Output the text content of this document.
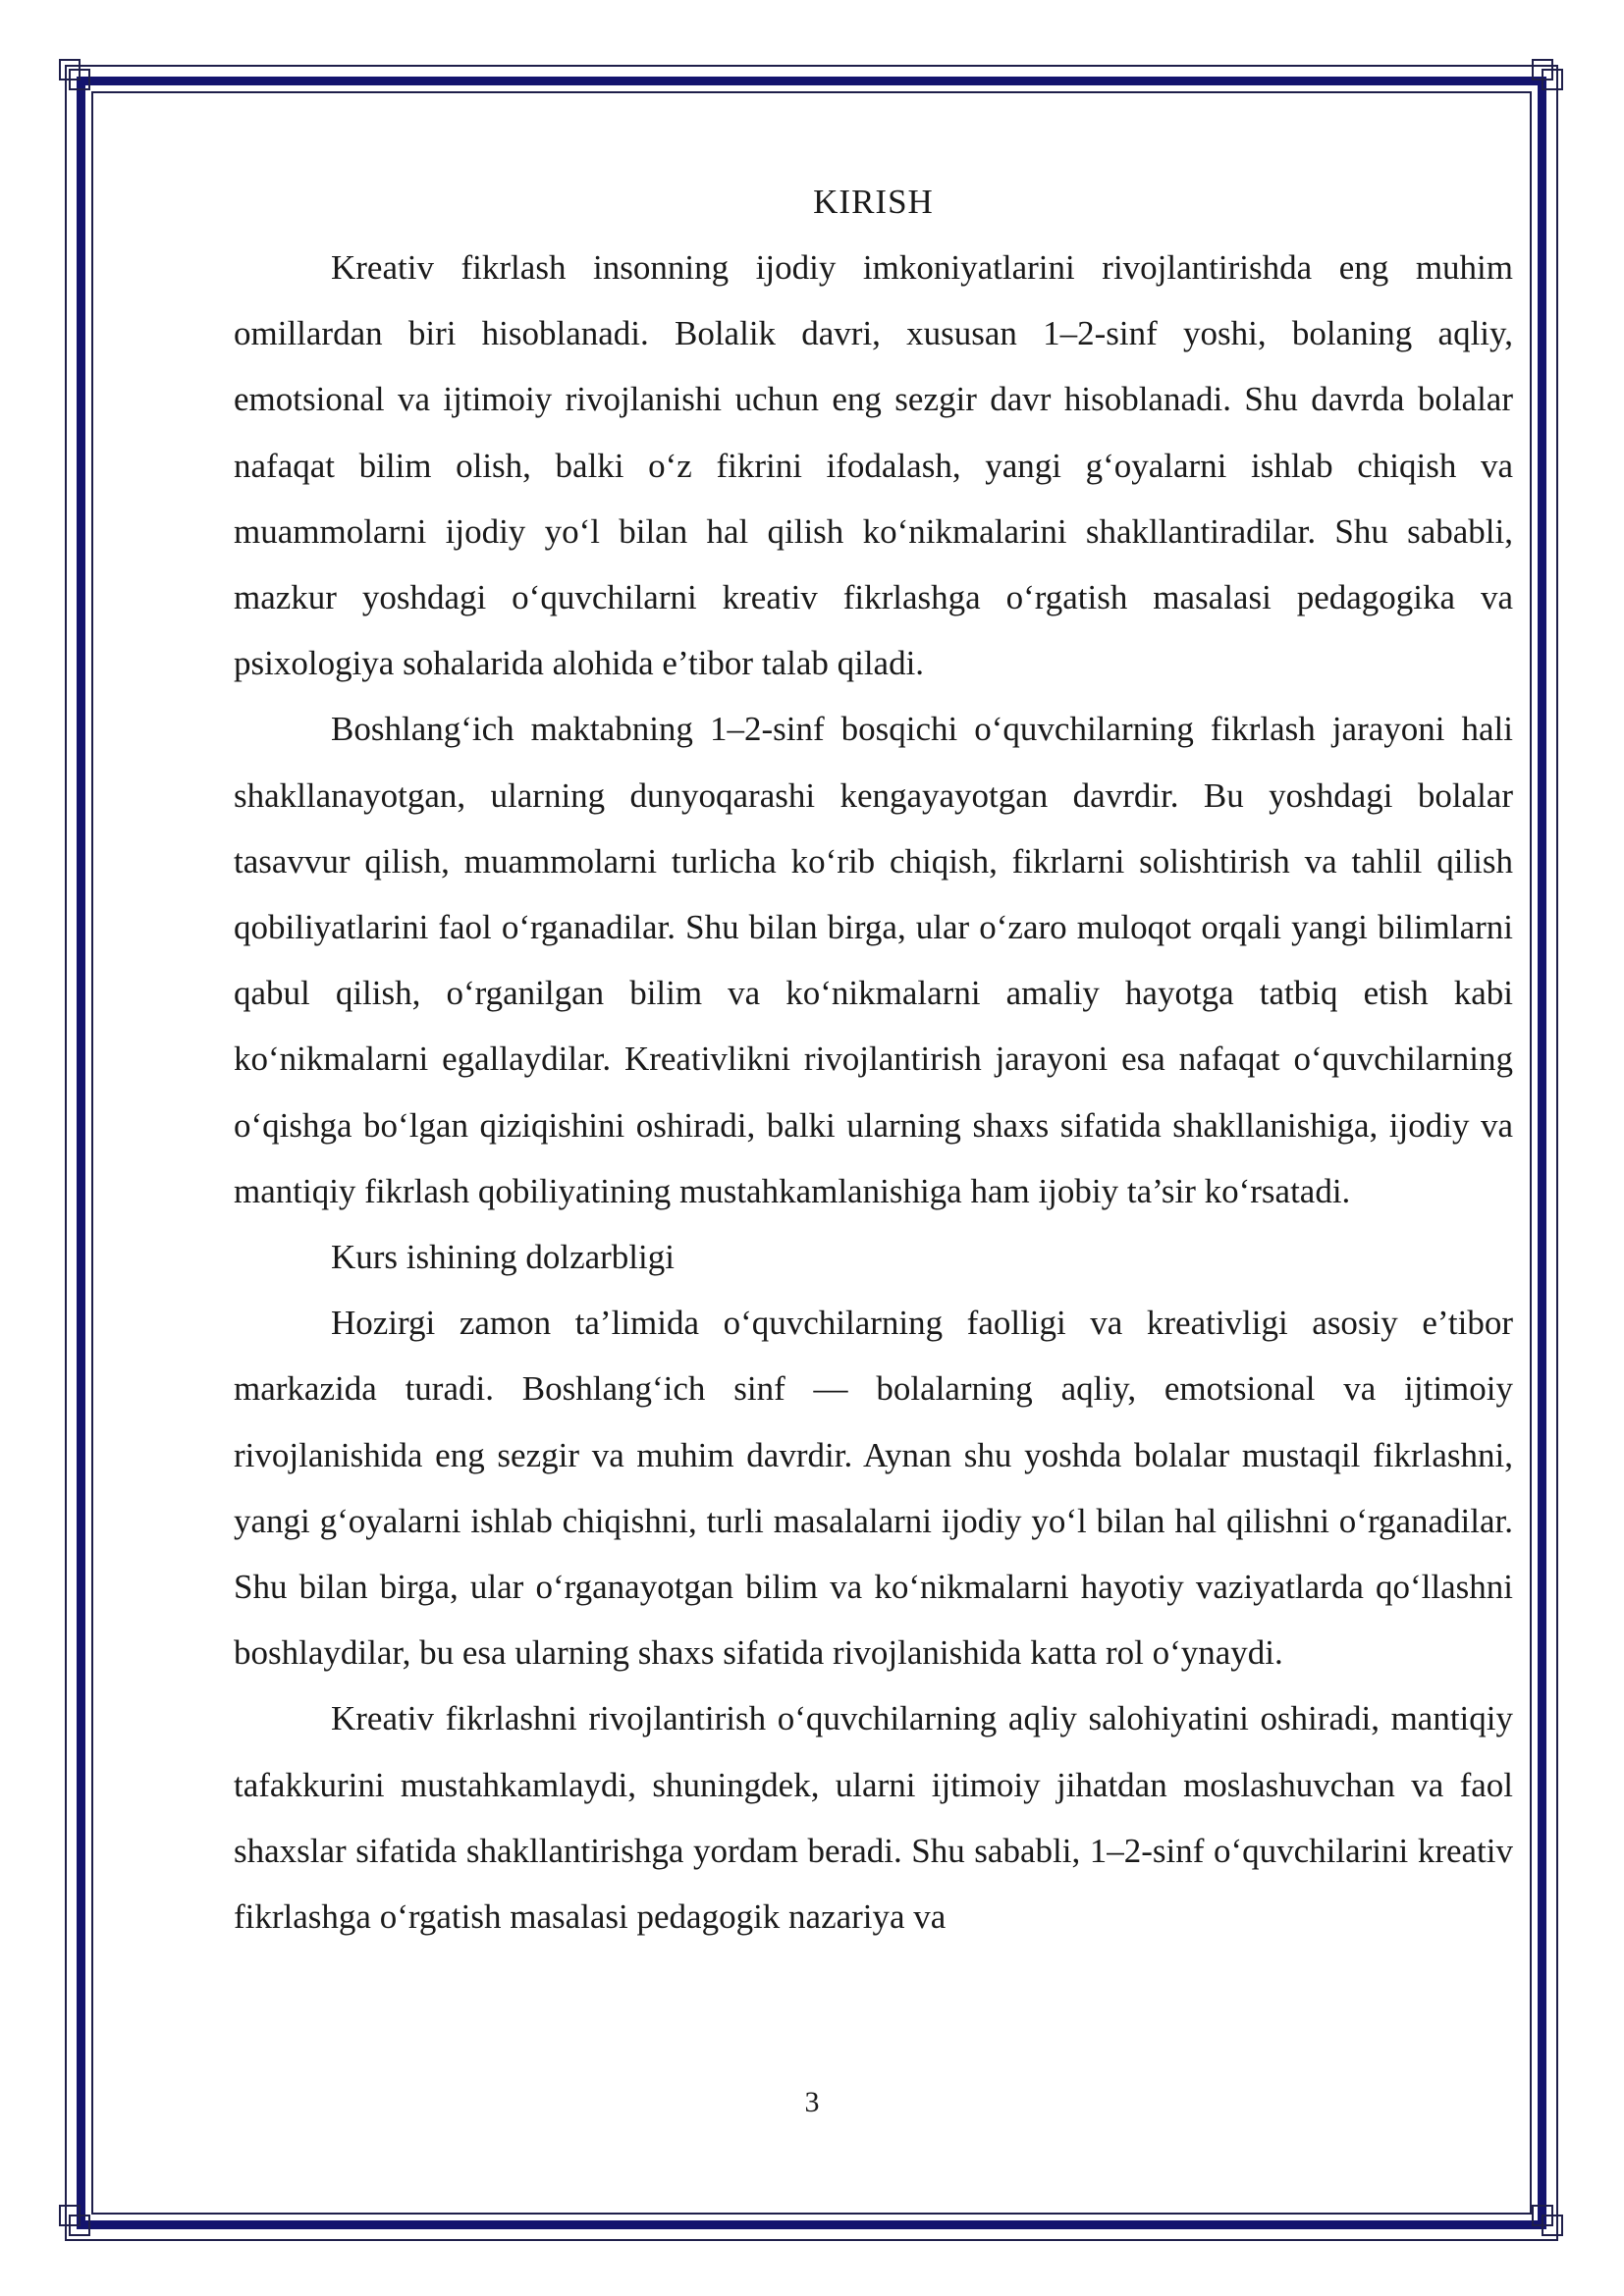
KIRISH

Kreativ fikrlash insonning ijodiy imkoniyatlarini rivojlantirishda eng muhim omillardan biri hisoblanadi. Bolalik davri, xususan 1–2-sinf yoshi, bolaning aqliy, emotsional va ijtimoiy rivojlanishi uchun eng sezgir davr hisoblanadi. Shu davrda bolalar nafaqat bilim olish, balki o‘z fikrini ifodalash, yangi g‘oyalarni ishlab chiqish va muammolarni ijodiy yo‘l bilan hal qilish ko‘nikmalarini shakllantiradilar. Shu sababli, mazkur yoshdagi o‘quvchilarni kreativ fikrlashga o‘rgatish masalasi pedagogika va psixologiya sohalarida alohida e’tibor talab qiladi.

Boshlang‘ich maktabning 1–2-sinf bosqichi o‘quvchilarning fikrlash jarayoni hali shakllanayotgan, ularning dunyoqarashi kengayayotgan davrdir. Bu yoshdagi bolalar tasavvur qilish, muammolarni turlicha ko‘rib chiqish, fikrlarni solishtirish va tahlil qilish qobiliyatlarini faol o‘rganadilar. Shu bilan birga, ular o‘zaro muloqot orqali yangi bilimlarni qabul qilish, o‘rganilgan bilim va ko‘nikmalarni amaliy hayotga tatbiq etish kabi ko‘nikmalarni egallaydilar. Kreativlikni rivojlantirish jarayoni esa nafaqat o‘quvchilarning o‘qishga bo‘lgan qiziqishini oshiradi, balki ularning shaxs sifatida shakllanishiga, ijodiy va mantiqiy fikrlash qobiliyatining mustahkamlanishiga ham ijobiy ta’sir ko‘rsatadi.

Kurs ishining dolzarbligi

Hozirgi zamon ta’limida o‘quvchilarning faolligi va kreativligi asosiy e’tibor markazida turadi. Boshlang‘ich sinf — bolalarning aqliy, emotsional va ijtimoiy rivojlanishida eng sezgir va muhim davrdir. Aynan shu yoshda bolalar mustaqil fikrlashni, yangi g‘oyalarni ishlab chiqishni, turli masalalarni ijodiy yo‘l bilan hal qilishni o‘rganadilar. Shu bilan birga, ular o‘rganayotgan bilim va ko‘nikmalarni hayotiy vaziyatlarda qo‘llashni boshlaydilar, bu esa ularning shaxs sifatida rivojlanishida katta rol o‘ynaydi.

Kreativ fikrlashni rivojlantirish o‘quvchilarning aqliy salohiyatini oshiradi, mantiqiy tafakkurini mustahkamlaydi, shuningdek, ularni ijtimoiy jihatdan moslashuvchan va faol shaxslar sifatida shakllantirishga yordam beradi. Shu sababli, 1–2-sinf o‘quvchilarini kreativ fikrlashga o‘rgatish masalasi pedagogik nazariya va

3
